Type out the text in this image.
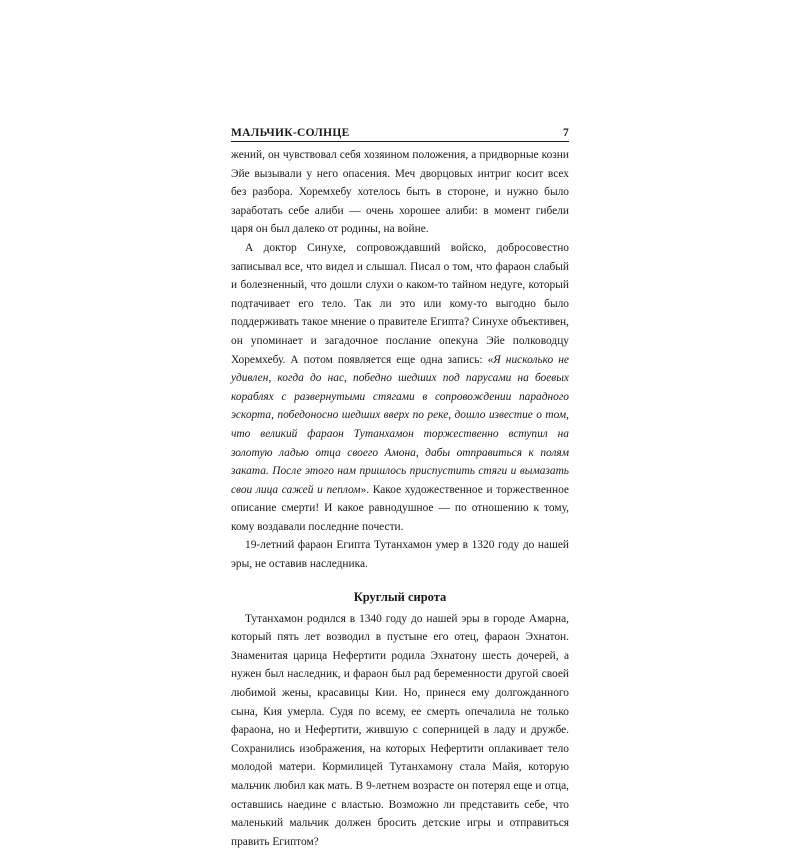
МАЛЬЧИК-СОЛНЦЕ	7

жений, он чувствовал себя хозяином положения, а придворные козни Эйе вызывали у него опасения. Меч дворцовых интриг косит всех без разбора. Хоремхебу хотелось быть в стороне, и нужно было заработать себе алиби — очень хорошее алиби: в момент гибели царя он был далеко от родины, на войне.

А доктор Синухе, сопровождавший войско, добросовестно записывал все, что видел и слышал. Писал о том, что фараон слабый и болезненный, что дошли слухи о каком-то тайном недуге, который подтачивает его тело. Так ли это или кому-то выгодно было поддерживать такое мнение о правителе Египта? Синухе объективен, он упоминает и загадочное послание опекуна Эйе полководцу Хоремхебу. А потом появляется еще одна запись: «Я нисколько не удивлен, когда до нас, победно шедших под парусами на боевых кораблях с развернутыми стягами в сопровождении парадного эскорта, победоносно шедших вверх по реке, дошло известие о том, что великий фараон Тутанхамон торжественно вступил на золотую ладью отца своего Амона, дабы отправиться к полям заката. После этого нам пришлось приспустить стяги и вымазать свои лица сажей и пеплом». Какое художественное и торжественное описание смерти! И какое равнодушное — по отношению к тому, кому воздавали последние почести.

19-летний фараон Египта Тутанхамон умер в 1320 году до нашей эры, не оставив наследника.

Круглый сирота

Тутанхамон родился в 1340 году до нашей эры в городе Амарна, который пять лет возводил в пустыне его отец, фараон Эхнатон. Знаменитая царица Нефертити родила Эхнатону шесть дочерей, а нужен был наследник, и фараон был рад беременности другой своей любимой жены, красавицы Кии. Но, принеся ему долгожданного сына, Кия умерла. Судя по всему, ее смерть опечалила не только фараона, но и Нефертити, жившую с соперницей в ладу и дружбе. Сохранились изображения, на которых Нефертити оплакивает тело молодой матери. Кормилицей Тутанхамону стала Майя, которую мальчик любил как мать. В 9-летнем возрасте он потерял еще и отца, оставшись наедине с властью. Возможно ли представить себе, что маленький мальчик должен бросить детские игры и отправиться править Египтом?
